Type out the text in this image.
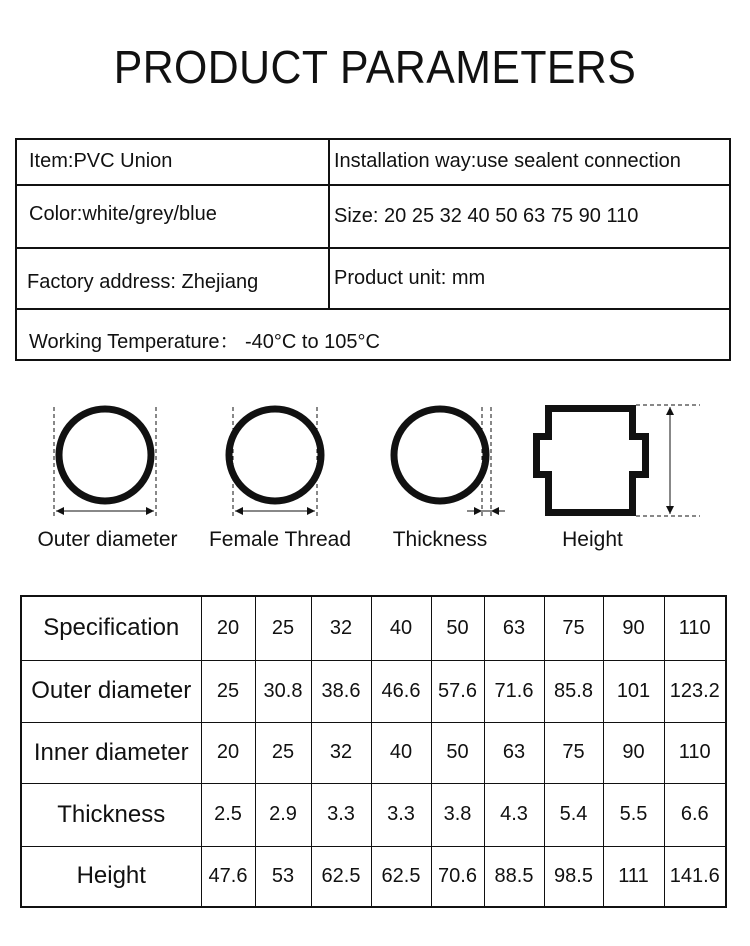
PRODUCT PARAMETERS
Item:PVC Union	Installation way:use sealent connection
Color:white/grey/blue	Size: 20 25 32 40 50 63 75 90 110
Factory address: Zhejiang	Product unit: mm
Working Temperature： -40°C to 105°C
Outer diameter	Female Thread	Thickness	Height
Specification	20	25	32	40	50	63	75	90	110
Outer diameter	25	30.8	38.6	46.6	57.6	71.6	85.8	101	123.2
Inner diameter	20	25	32	40	50	63	75	90	110
Thickness	2.5	2.9	3.3	3.3	3.8	4.3	5.4	5.5	6.6
Height	47.6	53	62.5	62.5	70.6	88.5	98.5	111	141.6
